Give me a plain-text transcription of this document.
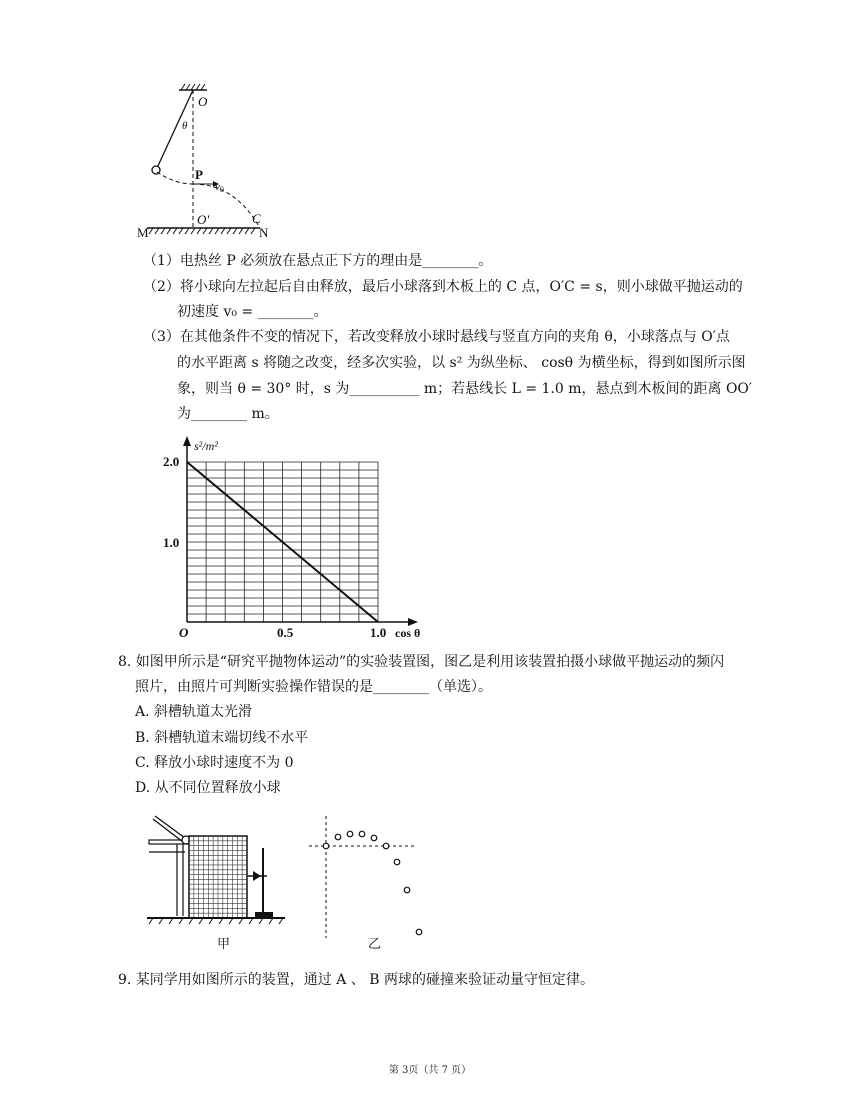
O
θ
P
v0
O'	C
M	N
（1）电热丝 P 必须放在悬点正下方的理由是________。
（2）将小球向左拉起后自由释放，最后小球落到木板上的 C 点，O′C = s，则小球做平抛运动的
初速度 v₀ = ________。
（3）在其他条件不变的情况下，若改变释放小球时悬线与竖直方向的夹角 θ，小球落点与 O′点
的水平距离 s 将随之改变，经多次实验，以 s² 为纵坐标、 cosθ 为横坐标，得到如图所示图
象，则当 θ = 30° 时，s 为__________ m；若悬线长 L = 1.0 m，悬点到木板间的距离 OO′
为________ m。
s²/m²
cos θ
O
2.0
1.0
0.5	1.0
8. 如图甲所示是“研究平抛物体运动”的实验装置图，图乙是利用该装置拍摄小球做平抛运动的频闪
照片，由照片可判断实验操作错误的是________（单选）。
A. 斜槽轨道太光滑
B. 斜槽轨道末端切线不水平
C. 释放小球时速度不为 0
D. 从不同位置释放小球
甲	乙
9. 某同学用如图所示的装置，通过 A 、 B 两球的碰撞来验证动量守恒定律。
第 3页（共 7 页）
